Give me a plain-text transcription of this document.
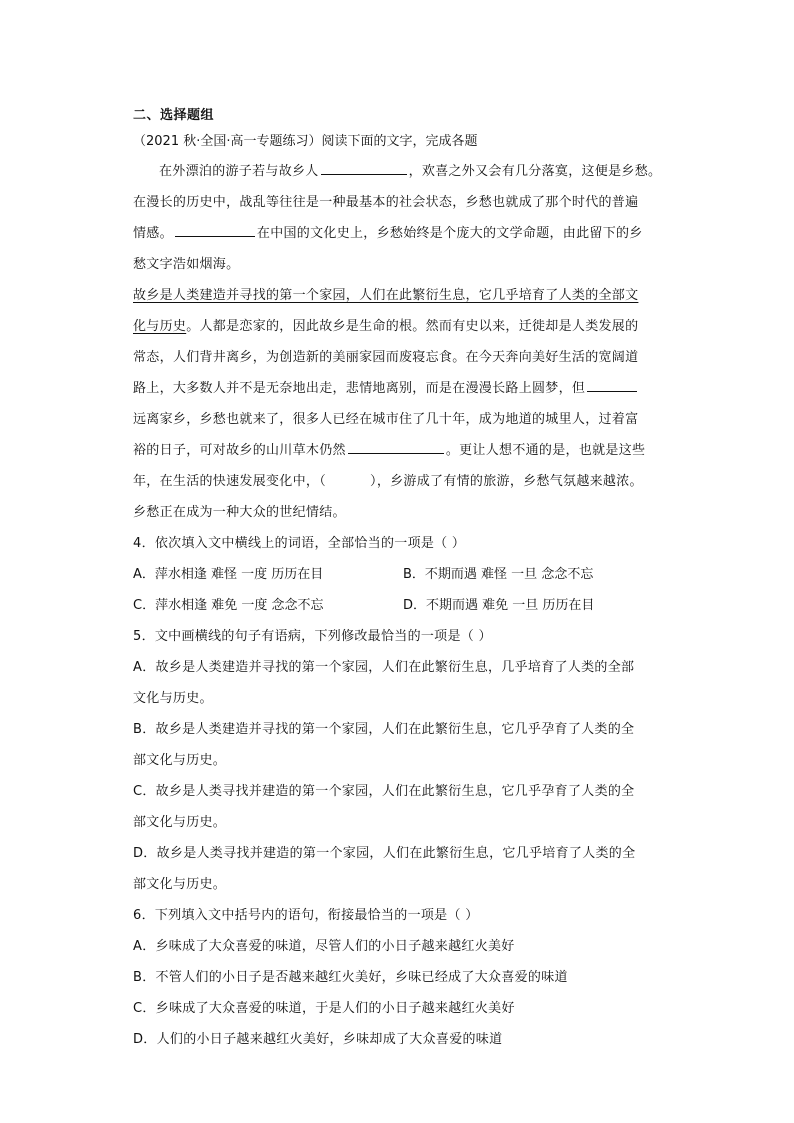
二、选择题组
（2021 秋·全国·高一专题练习）阅读下面的文字，完成各题
在外漂泊的游子若与故乡人	，欢喜之外又会有几分落寞，这便是乡愁。
在漫长的历史中，战乱等往往是一种最基本的社会状态，乡愁也就成了那个时代的普遍
情感。	在中国的文化史上，乡愁始终是个庞大的文学命题，由此留下的乡
愁文字浩如烟海。
故乡是人类建造并寻找的第一个家园，人们在此繁衍生息，它几乎培育了人类的全部文
化与历史。人都是恋家的，因此故乡是生命的根。然而有史以来，迁徙却是人类发展的
常态，人们背井离乡，为创造新的美丽家园而废寝忘食。在今天奔向美好生活的宽阔道
路上，大多数人并不是无奈地出走，悲情地离别，而是在漫漫长路上圆梦，但
远离家乡，乡愁也就来了，很多人已经在城市住了几十年，成为地道的城里人，过着富
裕的日子，可对故乡的山川草木仍然	。更让人想不通的是，也就是这些
年，在生活的快速发展变化中，（	），乡游成了有情的旅游，乡愁气氛越来越浓。
乡愁正在成为一种大众的世纪情结。
4．依次填入文中横线上的词语，全部恰当的一项是（ ）
A．萍水相逢 难怪 一度 历历在目	B．不期而遇 难怪 一旦 念念不忘
C．萍水相逢 难免 一度 念念不忘	D．不期而遇 难免 一旦 历历在目
5．文中画横线的句子有语病，下列修改最恰当的一项是（ ）
A．故乡是人类建造并寻找的第一个家园，人们在此繁衍生息，几乎培育了人类的全部
文化与历史。
B．故乡是人类建造并寻找的第一个家园，人们在此繁衍生息，它几乎孕育了人类的全
部文化与历史。
C．故乡是人类寻找并建造的第一个家园，人们在此繁衍生息，它几乎孕育了人类的全
部文化与历史。
D．故乡是人类寻找并建造的第一个家园，人们在此繁衍生息，它几乎培育了人类的全
部文化与历史。
6．下列填入文中括号内的语句，衔接最恰当的一项是（ ）
A．乡味成了大众喜爱的味道，尽管人们的小日子越来越红火美好
B．不管人们的小日子是否越来越红火美好，乡味已经成了大众喜爱的味道
C．乡味成了大众喜爱的味道，于是人们的小日子越来越红火美好
D．人们的小日子越来越红火美好，乡味却成了大众喜爱的味道
